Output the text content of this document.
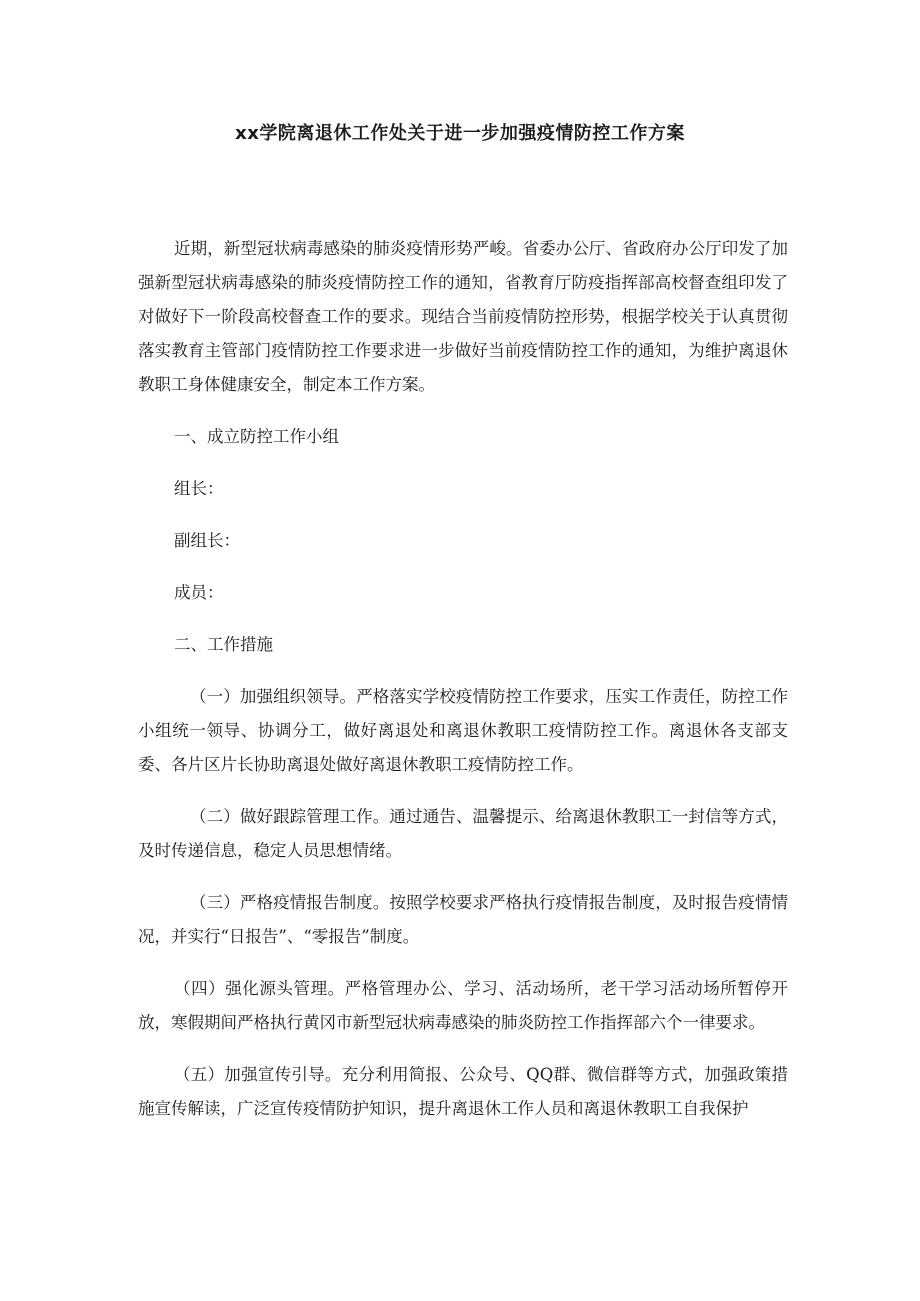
xx学院离退休工作处关于进一步加强疫情防控工作方案

近期，新型冠状病毒感染的肺炎疫情形势严峻。省委办公厅、省政府办公厅印发了加强新型冠状病毒感染的肺炎疫情防控工作的通知，省教育厅防疫指挥部高校督查组印发了对做好下一阶段高校督查工作的要求。现结合当前疫情防控形势，根据学校关于认真贯彻落实教育主管部门疫情防控工作要求进一步做好当前疫情防控工作的通知，为维护离退休教职工身体健康安全，制定本工作方案。

一、成立防控工作小组

组长：

副组长：

成员：

二、工作措施

（一）加强组织领导。严格落实学校疫情防控工作要求，压实工作责任，防控工作小组统一领导、协调分工，做好离退处和离退休教职工疫情防控工作。离退休各支部支委、各片区片长协助离退处做好离退休教职工疫情防控工作。

（二）做好跟踪管理工作。通过通告、温馨提示、给离退休教职工一封信等方式，及时传递信息，稳定人员思想情绪。

（三）严格疫情报告制度。按照学校要求严格执行疫情报告制度，及时报告疫情情况，并实行“日报告”、“零报告”制度。

（四）强化源头管理。严格管理办公、学习、活动场所，老干学习活动场所暂停开放，寒假期间严格执行黄冈市新型冠状病毒感染的肺炎防控工作指挥部六个一律要求。

（五）加强宣传引导。充分利用简报、公众号、QQ群、微信群等方式，加强政策措施宣传解读，广泛宣传疫情防护知识，提升离退休工作人员和离退休教职工自我保护
